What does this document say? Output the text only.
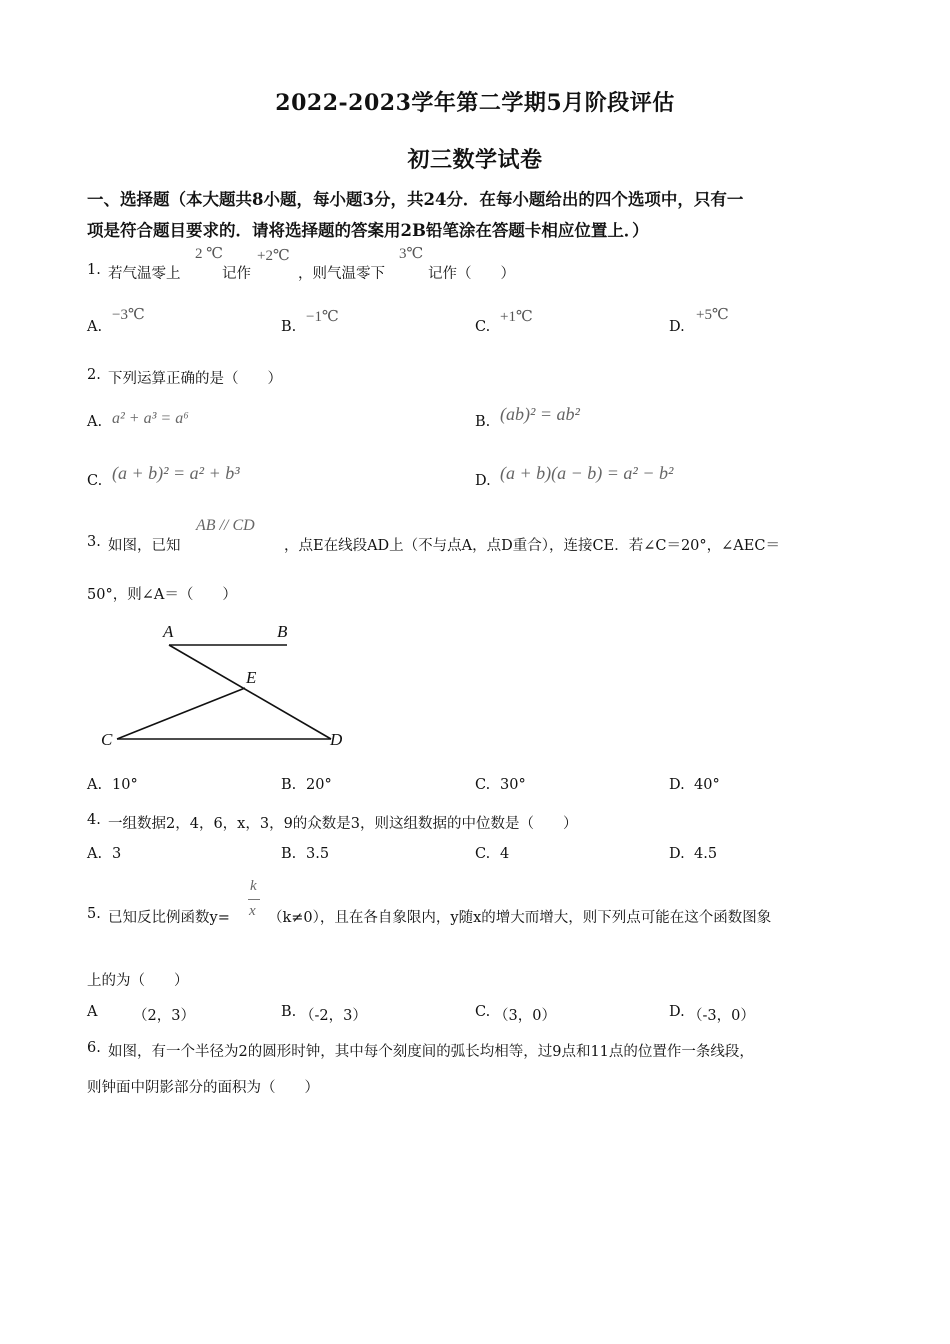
2022-2023学年第二学期5月阶段评估
初三数学试卷
一、选择题（本大题共8小题，每小题3分，共24分．在每小题给出的四个选项中，只有一
项是符合题目要求的．请将选择题的答案用2B铅笔涂在答题卡相应位置上．）
1. 若气温零上
2 ℃
记作
+2℃
，则气温零下
3℃
记作（　　）
A.
−3℃
B.
−1℃
C.
+1℃
D.
+5℃
2. 下列运算正确的是（　　）
A. a² + a³ = a⁶	B. (ab)² = ab²
C. (a + b)² = a² + b³	D. (a + b)(a − b) = a² − b²
3. 如图，已知
AB // CD
，点E在线段AD上（不与点A，点D重合），连接CE．若∠C＝20°，∠AEC＝
50°，则∠A＝（　　）
A	B
E
C	D
A. 10°	B. 20°	C. 30°	D. 40°
4. 一组数据2，4，6，x，3，9的众数是3，则这组数据的中位数是（　　）
A. 3	B. 3.5	C. 4	D. 4.5
5. 已知反比例函数y=
k
x （k≠0），且在各自象限内，y随x的增大而增大，则下列点可能在这个函数图象
上的为（　　）
A （2，3）	B. （-2，3）	C. （3，0）	D. （-3，0）
6. 如图，有一个半径为2的圆形时钟，其中每个刻度间的弧长均相等，过9点和11点的位置作一条线段，
则钟面中阴影部分的面积为（　　）
